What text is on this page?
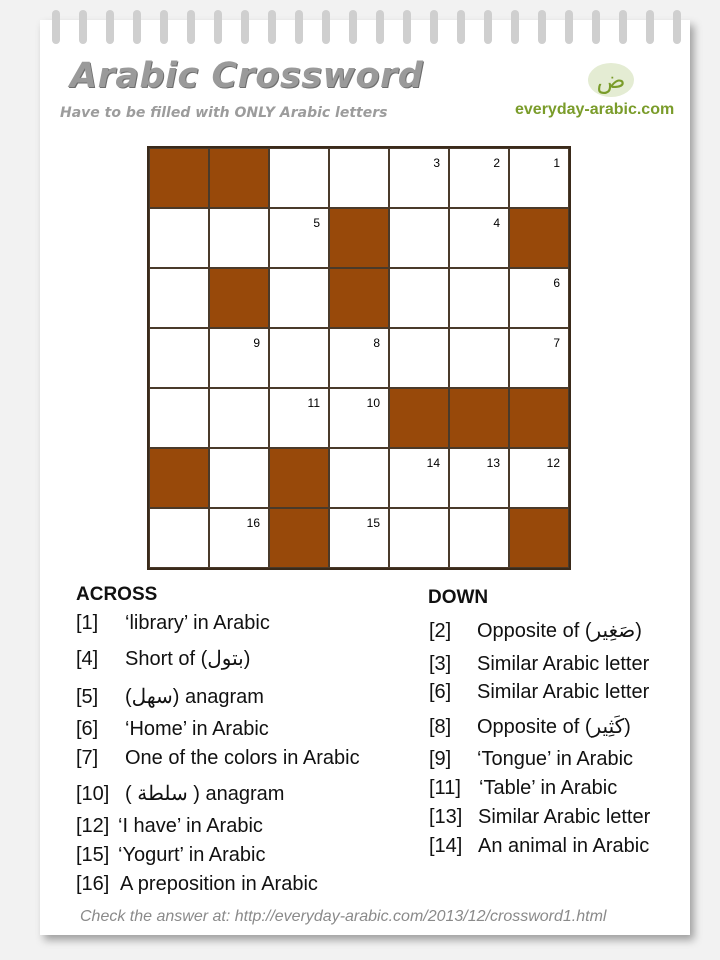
Arabic Crossword
Have to be filled with ONLY Arabic letters
ض
everyday-arabic.com
3	2	1
5	4
6
9	8	7
11	10
14	13	12
16	15
ACROSS	DOWN
[1] ‘library’ in Arabic
[4] Short of (بتول)
[5] (سهل) anagram
[6] ‘Home’ in Arabic
[7] One of the colors in Arabic
[10] ( سلطة ) anagram
[12] ‘I have’ in Arabic
[15] ‘Yogurt’ in Arabic
[16] A preposition in Arabic
[2] Opposite of (صَغِير)
[3] Similar Arabic letter
[6] Similar Arabic letter
[8] Opposite of (كَثِير)
[9] ‘Tongue’ in Arabic
[11] ‘Table’ in Arabic
[13] Similar Arabic letter
[14] An animal in Arabic
Check the answer at: http://everyday-arabic.com/2013/12/crossword1.html
